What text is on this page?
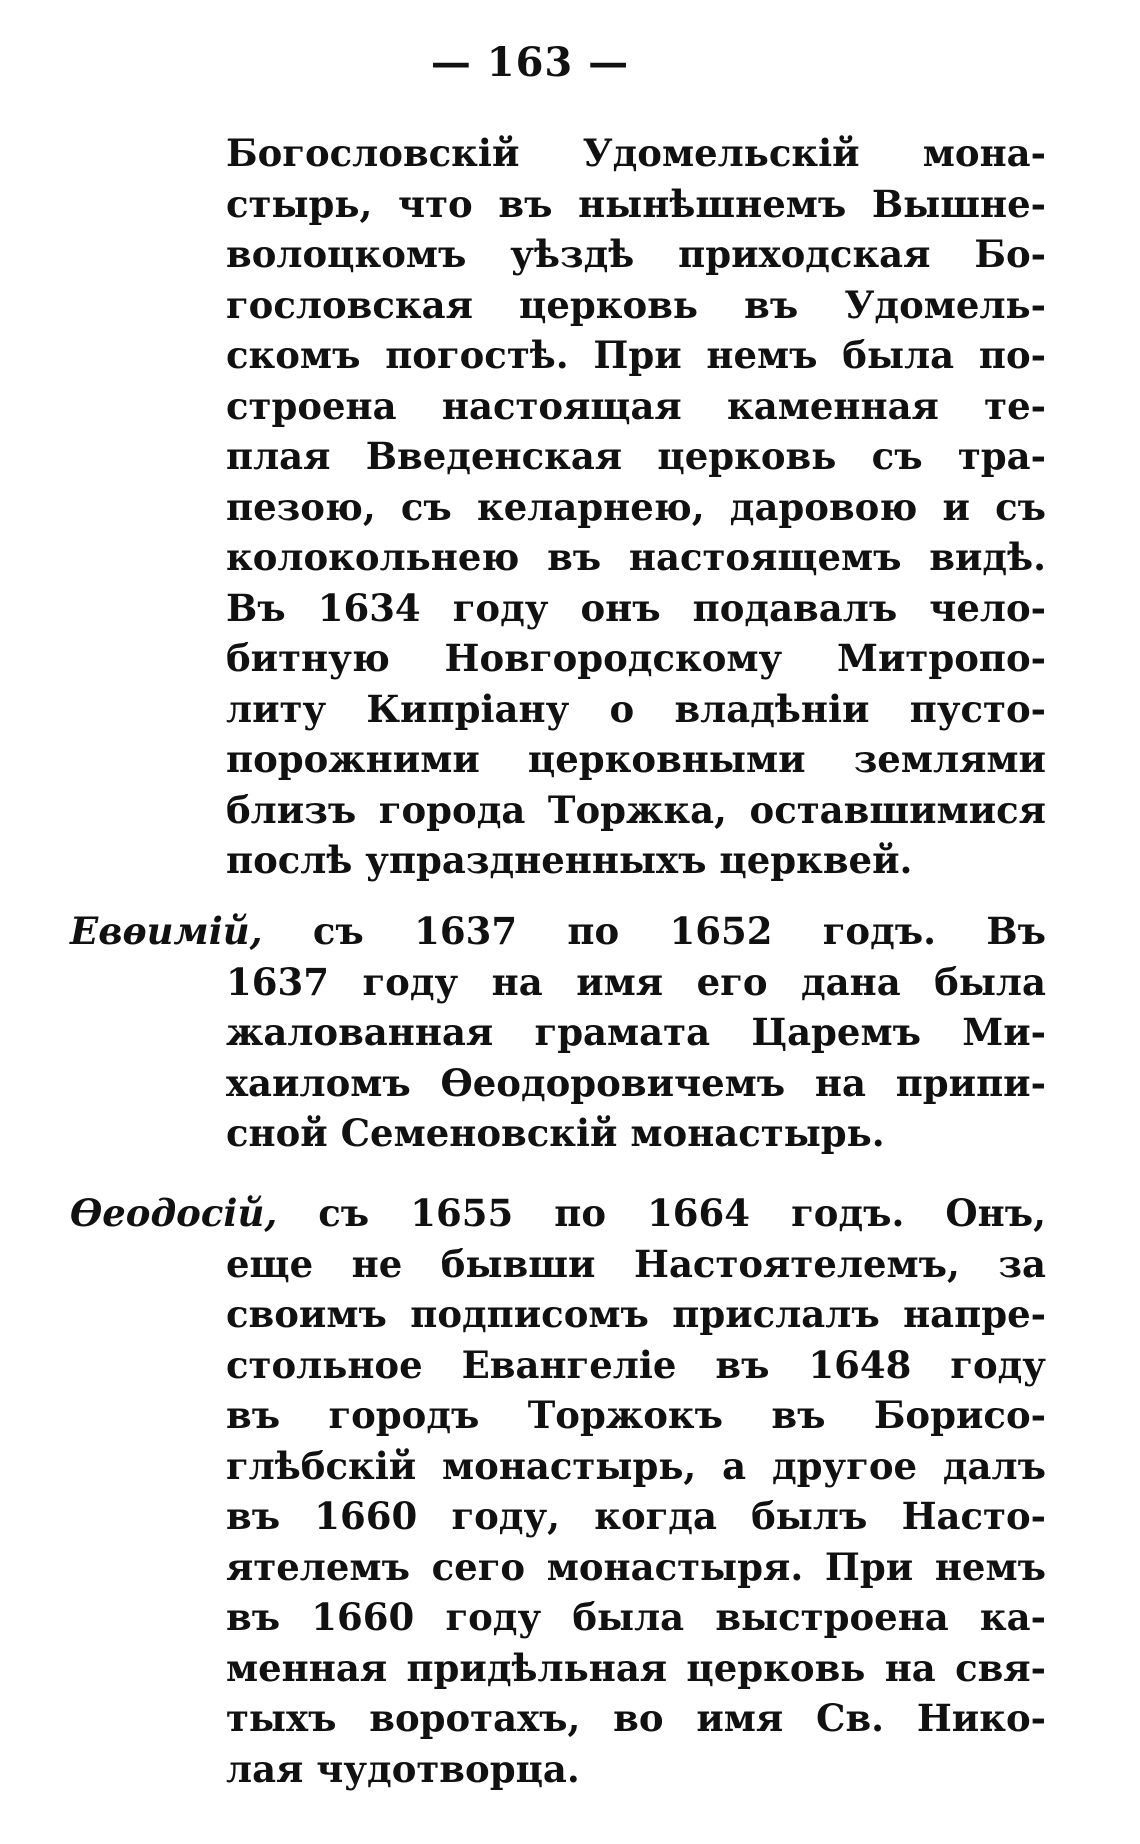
— 163 —
Богословскій Удомельскій мона-
стырь, что въ нынѣшнемъ Вышне-
волоцкомъ уѣздѣ приходская Бо-
гословская церковь въ Удомель-
скомъ погостѣ. При немъ была по-
строена настоящая каменная те-
плая Введенская церковь съ тра-
пезою, съ келарнею, даровою и съ
колокольнею въ настоящемъ видѣ.
Въ 1634 году онъ подавалъ чело-
битную Новгородскому Митропо-
литу Кипріану о владѣніи пусто-
порожними церковными землями
близъ города Торжка, оставшимися
послѣ упраздненныхъ церквей.
Евѳимій, съ 1637 по 1652 годъ. Въ
1637 году на имя его дана была
жалованная грамата Царемъ Ми-
хаиломъ Ѳеодоровичемъ на припи-
сной Семеновскій монастырь.
Ѳеодосій, съ 1655 по 1664 годъ. Онъ,
еще не бывши Настоятелемъ, за
своимъ подписомъ прислалъ напре-
стольное Евангеліе въ 1648 году
въ городъ Торжокъ въ Борисо-
глѣбскій монастырь, а другое далъ
въ 1660 году, когда былъ Насто-
ятелемъ сего монастыря. При немъ
въ 1660 году была выстроена ка-
менная придѣльная церковь на свя-
тыхъ воротахъ, во имя Св. Нико-
лая чудотворца.
